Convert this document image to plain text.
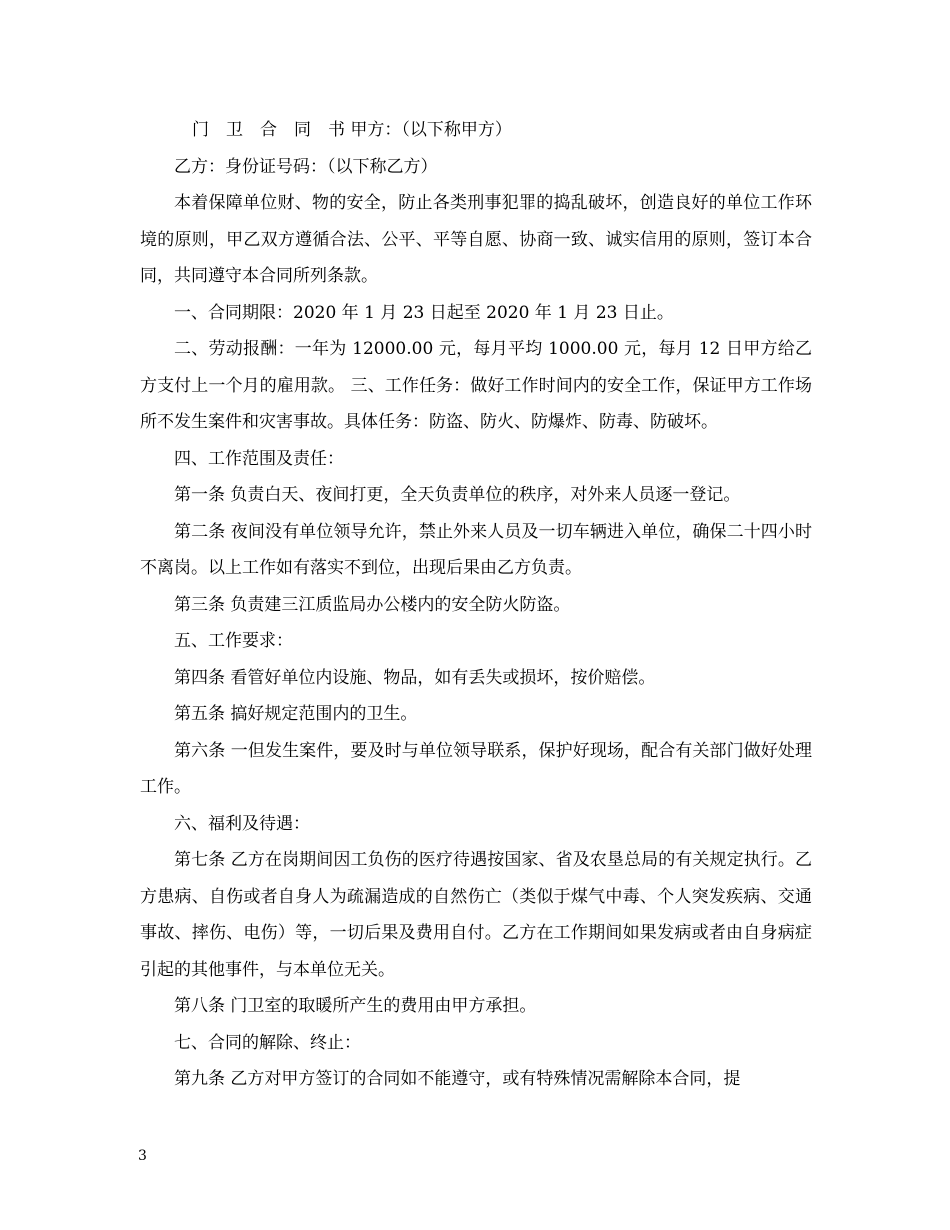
门　卫　合　同　书 甲方：（以下称甲方）

乙方：身份证号码：（以下称乙方）

本着保障单位财、物的安全，防止各类刑事犯罪的捣乱破坏，创造良好的单位工作环境的原则，甲乙双方遵循合法、公平、平等自愿、协商一致、诚实信用的原则，签订本合同，共同遵守本合同所列条款。

一、合同期限：2020 年 1 月 23 日起至 2020 年 1 月 23 日止。

二、劳动报酬：一年为 12000.00 元，每月平均 1000.00 元，每月 12 日甲方给乙方支付上一个月的雇用款。 三、工作任务：做好工作时间内的安全工作，保证甲方工作场所不发生案件和灾害事故。具体任务：防盗、防火、防爆炸、防毒、防破坏。

四、工作范围及责任：

第一条 负责白天、夜间打更，全天负责单位的秩序，对外来人员逐一登记。

第二条 夜间没有单位领导允许，禁止外来人员及一切车辆进入单位，确保二十四小时不离岗。以上工作如有落实不到位，出现后果由乙方负责。

第三条 负责建三江质监局办公楼内的安全防火防盗。

五、工作要求：

第四条 看管好单位内设施、物品，如有丢失或损坏，按价赔偿。

第五条 搞好规定范围内的卫生。

第六条 一但发生案件，要及时与单位领导联系，保护好现场，配合有关部门做好处理工作。

六、福利及待遇：

第七条 乙方在岗期间因工负伤的医疗待遇按国家、省及农垦总局的有关规定执行。乙方患病、自伤或者自身人为疏漏造成的自然伤亡（类似于煤气中毒、个人突发疾病、交通事故、摔伤、电伤）等，一切后果及费用自付。乙方在工作期间如果发病或者由自身病症引起的其他事件，与本单位无关。

第八条 门卫室的取暖所产生的费用由甲方承担。

七、合同的解除、终止：

第九条 乙方对甲方签订的合同如不能遵守，或有特殊情况需解除本合同，提

3
